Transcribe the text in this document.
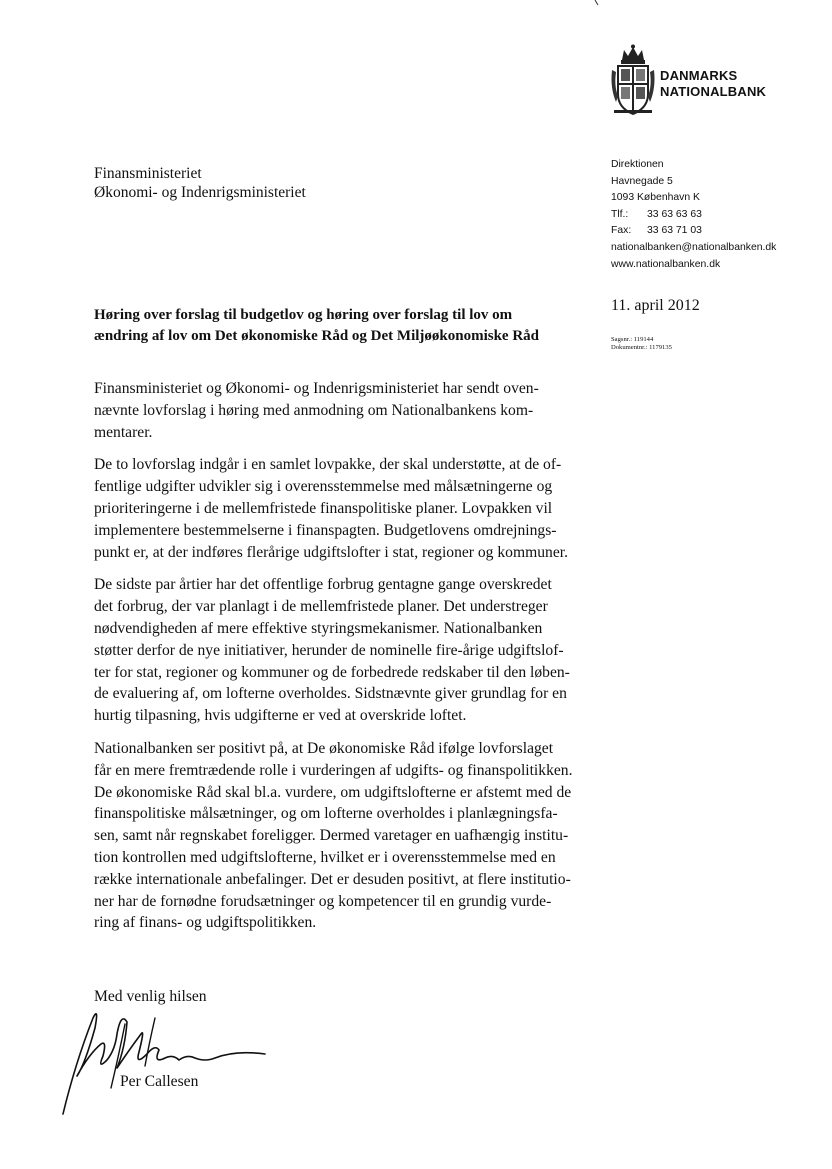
DANMARKS
NATIONALBANK
Finansministeriet
Økonomi- og Indenrigsministeriet
Direktionen
Havnegade 5
1093 København K
Tlf.: 33 63 63 63
Fax: 33 63 71 03
nationalbanken@nationalbanken.dk
www.nationalbanken.dk
11. april 2012
Sagsnr.: 119144
Dokumentnr.: 1179135
Høring over forslag til budgetlov og høring over forslag til lov om
ændring af lov om Det økonomiske Råd og Det Miljøøkonomiske Råd
Finansministeriet og Økonomi- og Indenrigsministeriet har sendt oven-
nævnte lovforslag i høring med anmodning om Nationalbankens kom-
mentarer.
De to lovforslag indgår i en samlet lovpakke, der skal understøtte, at de of-
fentlige udgifter udvikler sig i overensstemmelse med målsætningerne og
prioriteringerne i de mellemfristede finanspolitiske planer. Lovpakken vil
implementere bestemmelserne i finanspagten. Budgetlovens omdrejnings-
punkt er, at der indføres flerårige udgiftslofter i stat, regioner og kommuner.
De sidste par årtier har det offentlige forbrug gentagne gange overskredet
det forbrug, der var planlagt i de mellemfristede planer. Det understreger
nødvendigheden af mere effektive styringsmekanismer. Nationalbanken
støtter derfor de nye initiativer, herunder de nominelle fire-årige udgiftslof-
ter for stat, regioner og kommuner og de forbedrede redskaber til den løben-
de evaluering af, om lofterne overholdes. Sidstnævnte giver grundlag for en
hurtig tilpasning, hvis udgifterne er ved at overskride loftet.
Nationalbanken ser positivt på, at De økonomiske Råd ifølge lovforslaget
får en mere fremtrædende rolle i vurderingen af udgifts- og finanspolitikken.
De økonomiske Råd skal bl.a. vurdere, om udgiftslofterne er afstemt med de
finanspolitiske målsætninger, og om lofterne overholdes i planlægningsfa-
sen, samt når regnskabet foreligger. Dermed varetager en uafhængig institu-
tion kontrollen med udgiftslofterne, hvilket er i overensstemmelse med en
række internationale anbefalinger. Det er desuden positivt, at flere institutio-
ner har de fornødne forudsætninger og kompetencer til en grundig vurde-
ring af finans- og udgiftspolitikken.
Med venlig hilsen
Per Callesen
